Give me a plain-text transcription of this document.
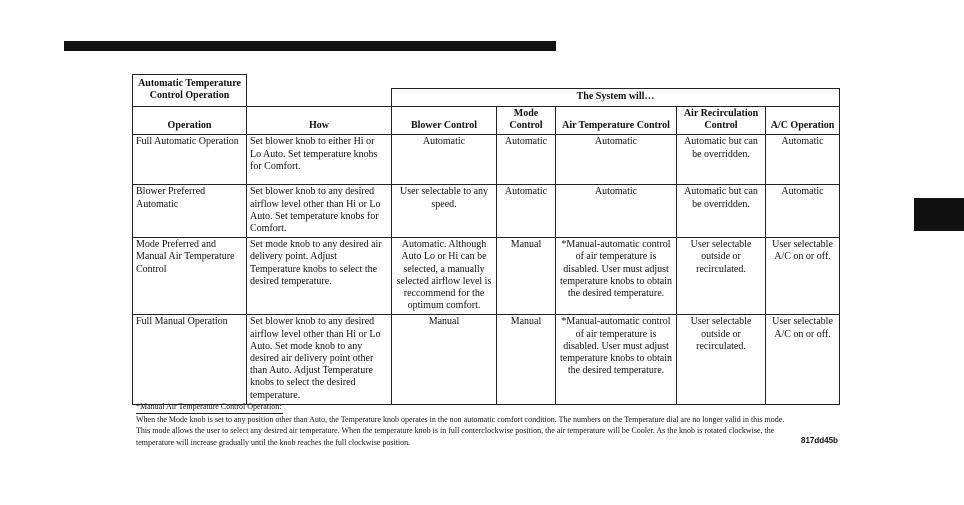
Automatic Temperature Control Operation						
		The System will…				
Operation	How	Blower Control	Mode Control	Air Temperature Control	Air Recirculation Control	A/C Operation
Full Automatic Operation	Set blower knob to either Hi or Lo Auto. Set temperature knobs for Comfort.	Automatic	Automatic	Automatic	Automatic but can be overridden.	Automatic
Blower Preferred Automatic	Set blower knob to any desired airflow level other than Hi or Lo Auto. Set temperature knobs for Comfort.	User selectable to any speed.	Automatic	Automatic	Automatic but can be overridden.	Automatic
Mode Preferred and Manual Air Temperature Control	Set mode knob to any desired air delivery point. Adjust Temperature knobs to select the desired temperature.	Automatic. Although Auto Lo or Hi can be selected, a manually selected airflow level is reccommend for the optimum comfort.	Manual	*Manual-automatic control of air temperature is disabled. User must adjust temperature knobs to obtain the desired temperature.	User selectable outside or recirculated.	User selectable A/C on or off.
Full Manual Operation	Set blower knob to any desired airflow level other than Hi or Lo Auto. Set mode knob to any desired air delivery point other than Auto. Adjust Temperature knobs to select the desired temperature.	Manual	Manual	*Manual-automatic control of air temperature is disabled. User must adjust temperature knobs to obtain the desired temperature.	User selectable outside or recirculated.	User selectable A/C on or off.
*Manual Air Temperature Control Operation:
When the Mode knob is set to any position other than Auto, the Temperature knob operates in the non automatic comfort condition. The numbers on the Temperature dial are no longer valid in this mode. This mode allows the user to select any desired air temperature. When the temperature knob is in full conterclockwise position, the air temperature will be Cooler. As the knob is rotated clockwise, the temperature will increase gradually until the knob reaches the full clockwise position.	817dd45b
